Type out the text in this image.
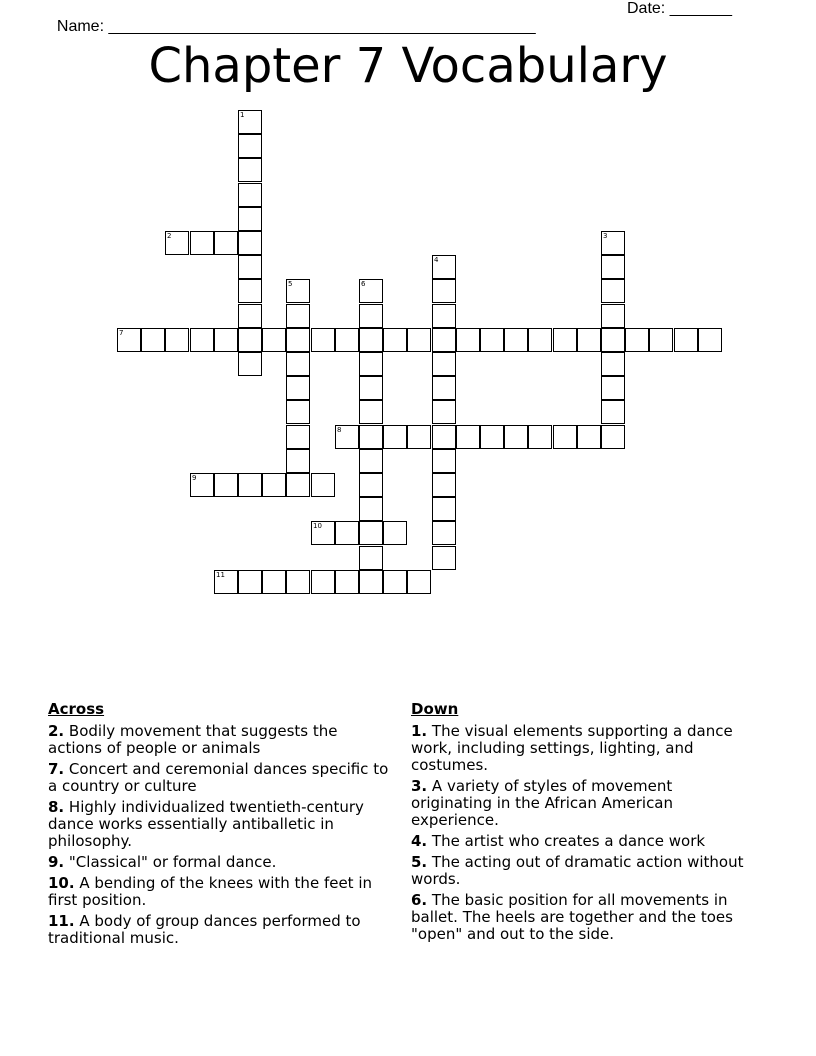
Name: ________________________________________________

Date: _______

Chapter 7 Vocabulary
1
2	3
4
5	6
7
8
9
10
11
Across
2. Bodily movement that suggests the actions of people or animals
7. Concert and ceremonial dances specific to a country or culture
8. Highly individualized twentieth-century dance works essentially antiballetic in philosophy.
9. "Classical" or formal dance.
10. A bending of the knees with the feet in first position.
11. A body of group dances performed to traditional music.
Down
1. The visual elements supporting a dance work, including settings, lighting, and costumes.
3. A variety of styles of movement originating in the African American experience.
4. The artist who creates a dance work
5. The acting out of dramatic action without words.
6. The basic position for all movements in ballet. The heels are together and the toes "open" and out to the side.
